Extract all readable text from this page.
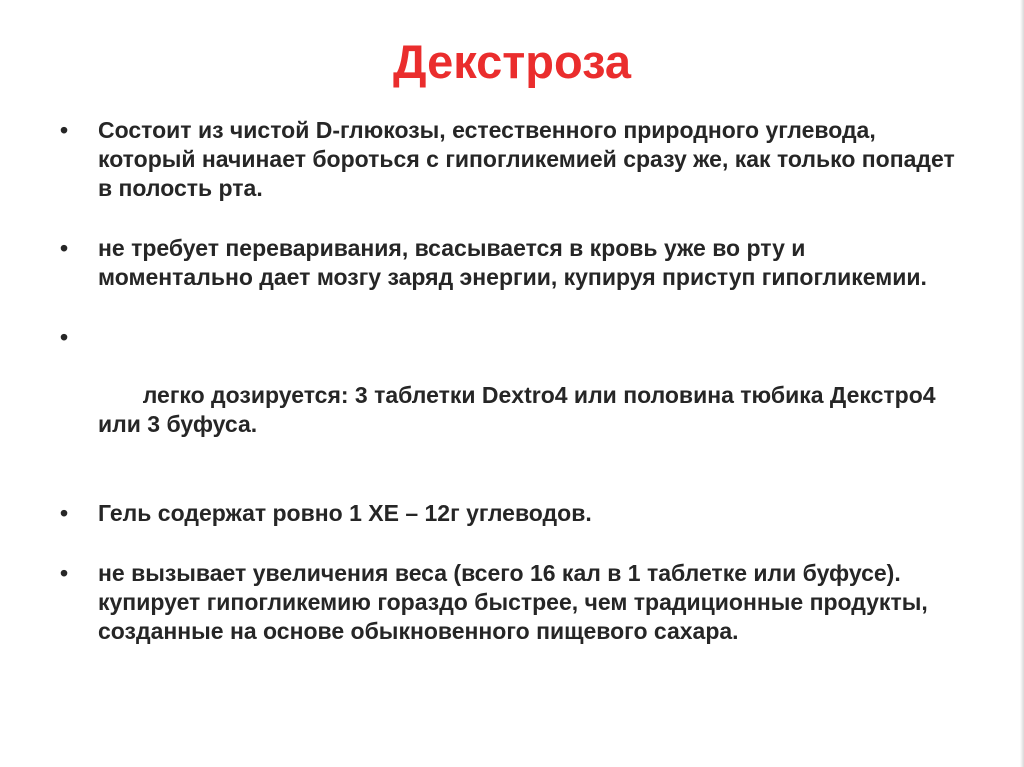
Декстроза
• Состоит из чистой D-глюкозы, естественного природного углевода, который начинает бороться с гипогликемией сразу же, как только попадет в полость рта.
• не требует переваривания, всасывается в кровь уже во рту и моментально дает мозгу заряд энергии, купируя приступ гипогликемии.

•

легко дозируется: 3 таблетки Dextro4 или половина тюбика Декстро4 или 3 буфуса.

• Гель содержат ровно 1 ХЕ – 12г углеводов.
• не вызывает увеличения веса (всего 16 кал в 1 таблетке или буфусе). купирует гипогликемию гораздо быстрее, чем традиционные продукты, созданные на основе обыкновенного пищевого сахара.
